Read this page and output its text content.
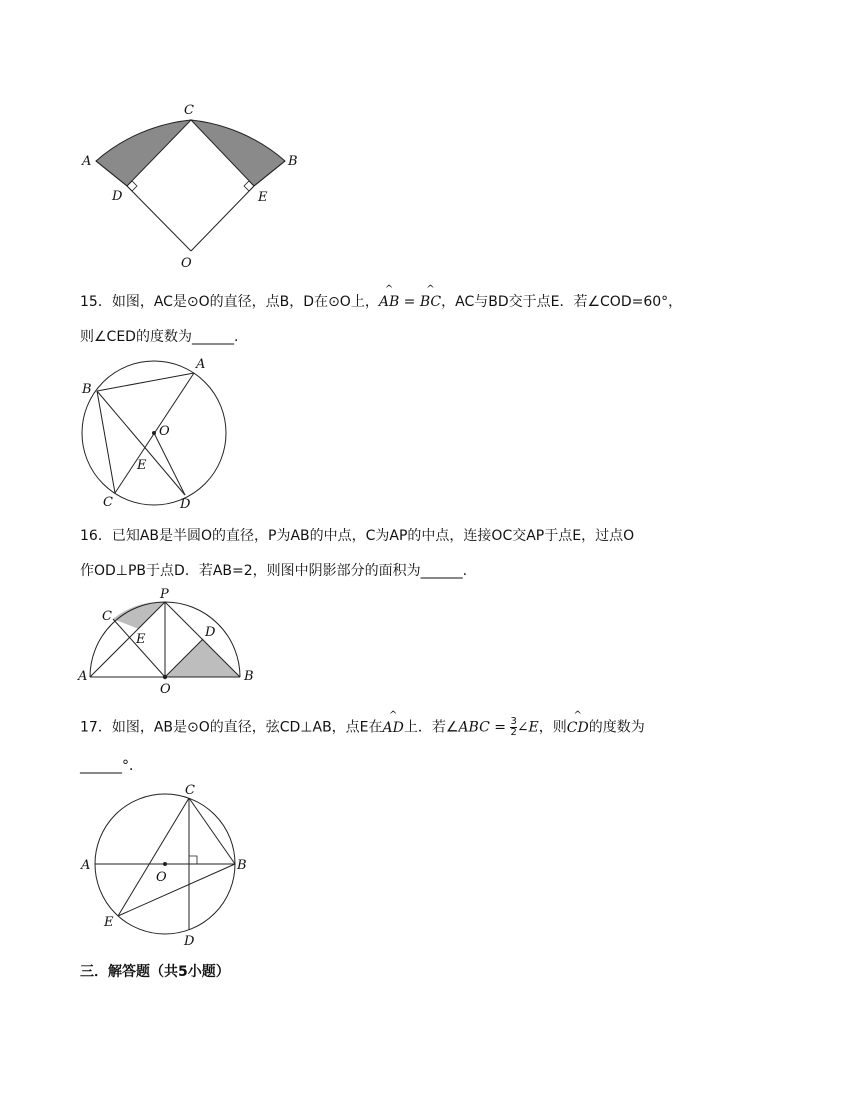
C
A	B
D	E
O
15．如图，AC是⊙O的直径，点B，D在⊙O上，
^
AB =
^
BC，AC与BD交于点E．若∠COD=60°，
则∠CED的度数为______.
A
B
O
E
C	D
16．已知AB是半圆O的直径，P为AB的中点，C为AP的中点，连接OC交AP于点E，过点O
作OD⊥PB于点D．若AB=2，则图中阴影部分的面积为______.
P
C
E	D
A	B
O
17．如图，AB是⊙O的直径，弦CD⊥AB，点E在
^
AD上．若∠ABC = $\frac{3}{2}$ ∠E，则
^
CD的度数为
______°．
C
A	B
O
E
D
三．解答题（共5小题）
